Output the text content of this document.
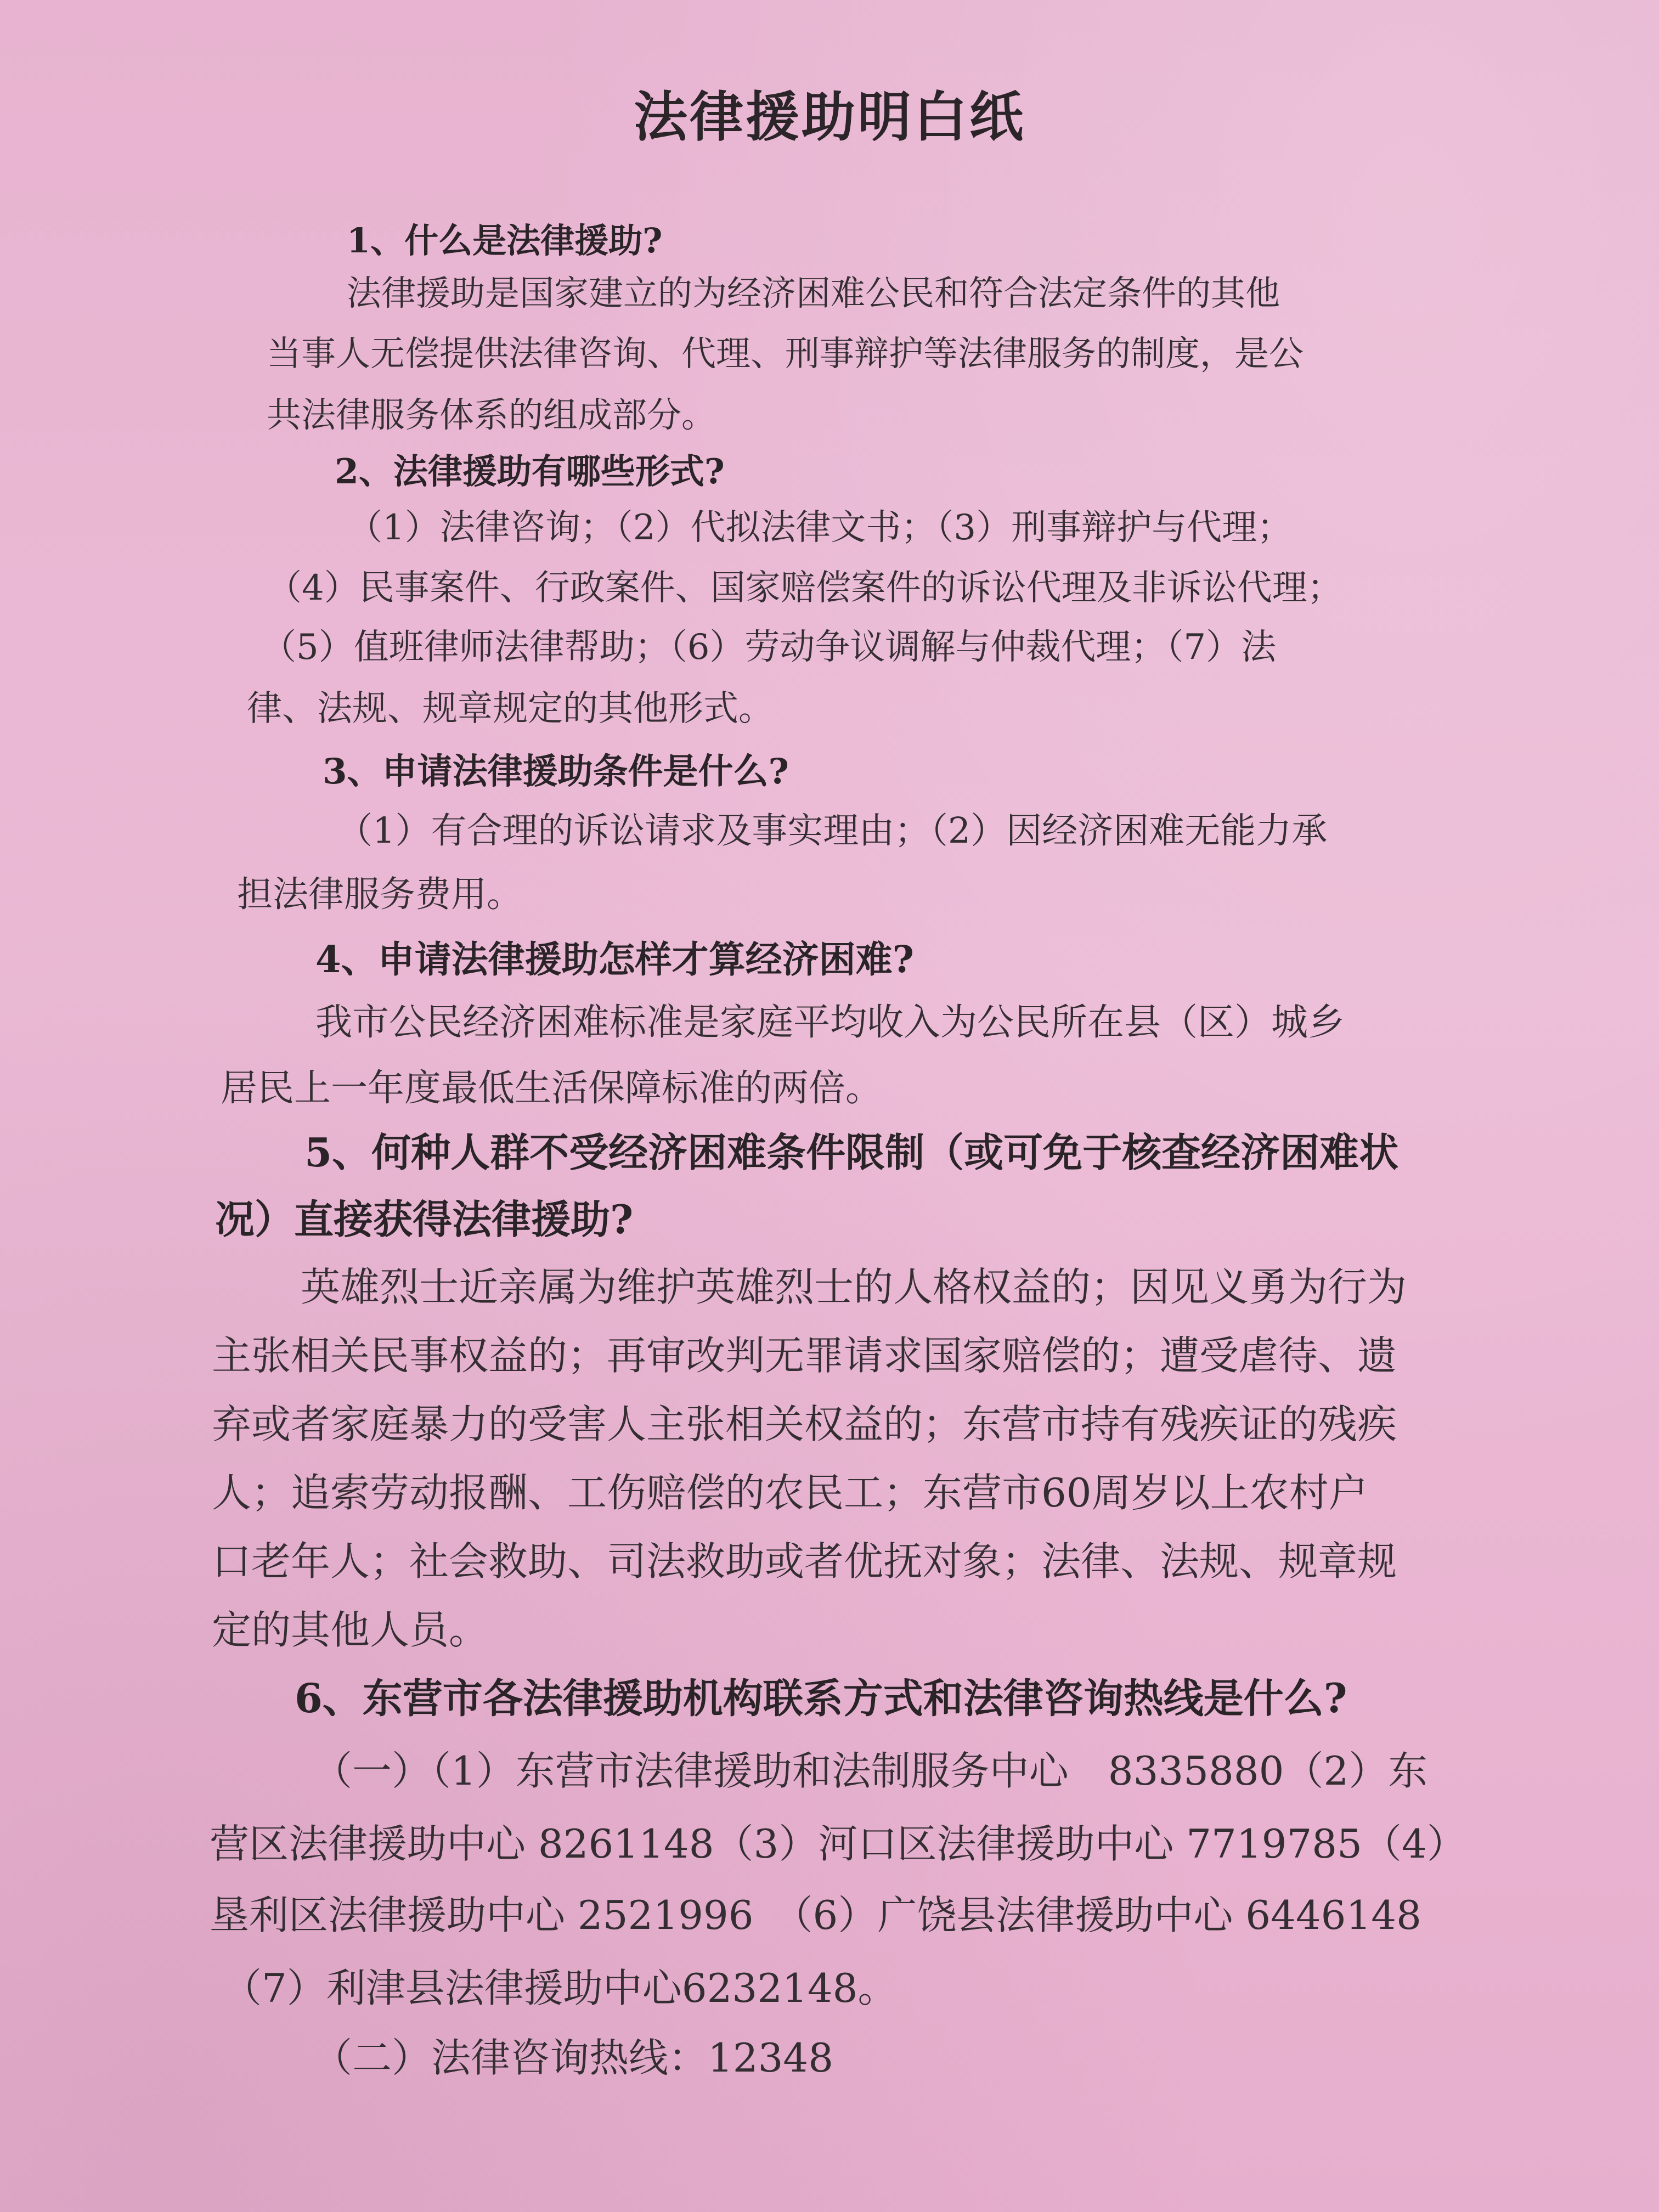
法律援助明白纸
1、什么是法律援助?
法律援助是国家建立的为经济困难公民和符合法定条件的其他
当事人无偿提供法律咨询、代理、刑事辩护等法律服务的制度，是公
共法律服务体系的组成部分。
2、法律援助有哪些形式?
（1）法律咨询；（2）代拟法律文书；（3）刑事辩护与代理；
（4）民事案件、行政案件、国家赔偿案件的诉讼代理及非诉讼代理；
（5）值班律师法律帮助；（6）劳动争议调解与仲裁代理；（7）法
律、法规、规章规定的其他形式。
3、申请法律援助条件是什么?
（1）有合理的诉讼请求及事实理由；（2）因经济困难无能力承
担法律服务费用。
4、申请法律援助怎样才算经济困难?
我市公民经济困难标准是家庭平均收入为公民所在县（区）城乡
居民上一年度最低生活保障标准的两倍。
5、何种人群不受经济困难条件限制（或可免于核查经济困难状
况）直接获得法律援助?
英雄烈士近亲属为维护英雄烈士的人格权益的；因见义勇为行为
主张相关民事权益的；再审改判无罪请求国家赔偿的；遭受虐待、遗
弃或者家庭暴力的受害人主张相关权益的；东营市持有残疾证的残疾
人；追索劳动报酬、工伤赔偿的农民工；东营市60周岁以上农村户
口老年人；社会救助、司法救助或者优抚对象；法律、法规、规章规
定的其他人员。
6、东营市各法律援助机构联系方式和法律咨询热线是什么?
（一）（1）东营市法律援助和法制服务中心　8335880（2）东
营区法律援助中心 8261148（3）河口区法律援助中心 7719785（4）
垦利区法律援助中心 2521996　（6）广饶县法律援助中心 6446148
（7）利津县法律援助中心6232148。
（二）法律咨询热线：12348
